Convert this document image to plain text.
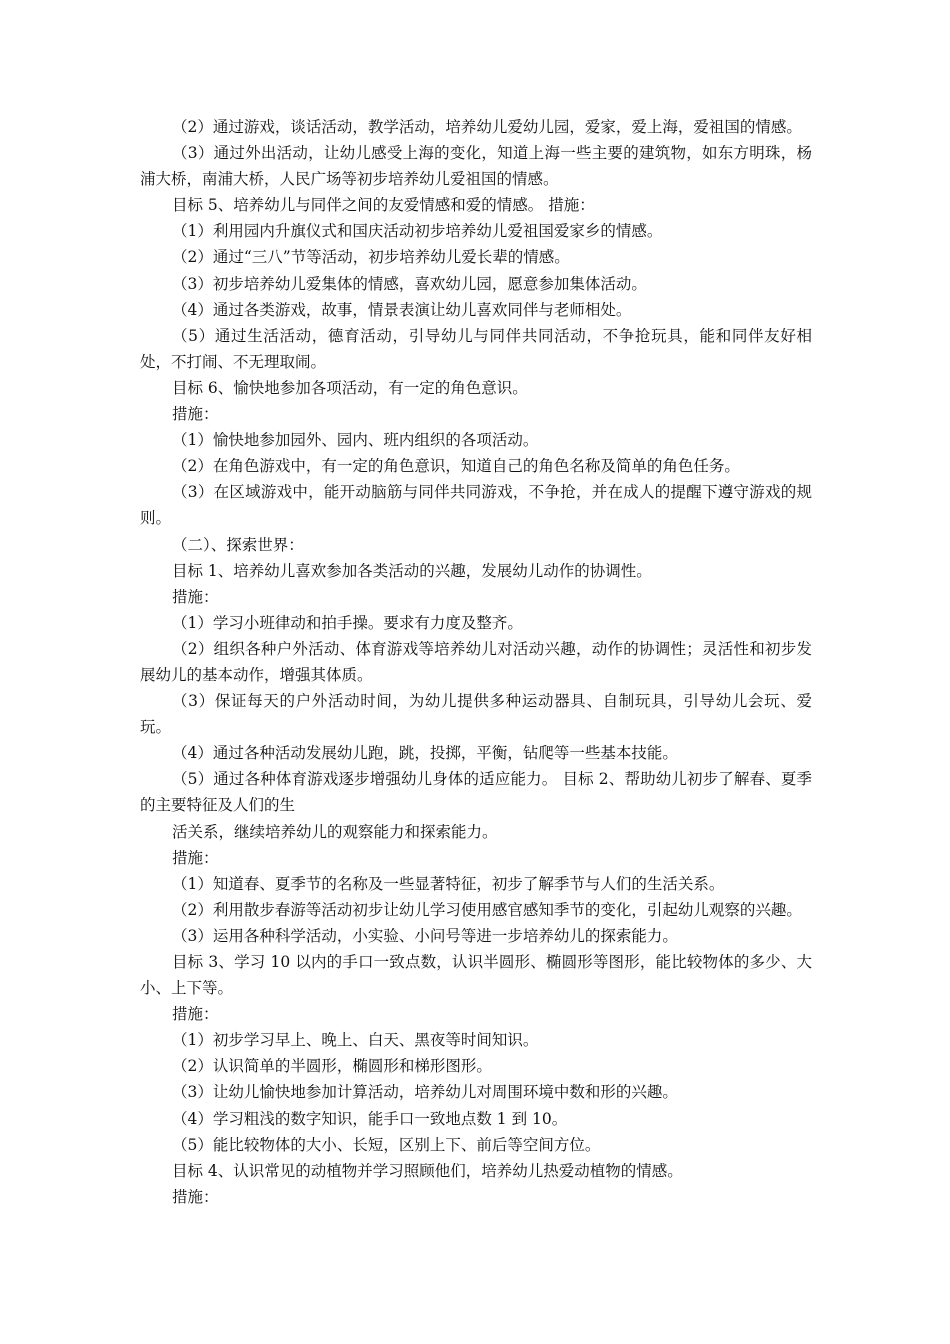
（2）通过游戏，谈话活动，教学活动，培养幼儿爱幼儿园，爱家，爱上海，爱祖国的情感。

（3）通过外出活动，让幼儿感受上海的变化，知道上海一些主要的建筑物，如东方明珠，杨浦大桥，南浦大桥，人民广场等初步培养幼儿爱祖国的情感。

目标 5、培养幼儿与同伴之间的友爱情感和爱的情感。 措施：

（1）利用园内升旗仪式和国庆活动初步培养幼儿爱祖国爱家乡的情感。

（2）通过“三八”节等活动，初步培养幼儿爱长辈的情感。

（3）初步培养幼儿爱集体的情感，喜欢幼儿园，愿意参加集体活动。

（4）通过各类游戏，故事，情景表演让幼儿喜欢同伴与老师相处。

（5）通过生活活动，德育活动，引导幼儿与同伴共同活动，不争抢玩具，能和同伴友好相处，不打闹、不无理取闹。

目标 6、愉快地参加各项活动，有一定的角色意识。

措施：

（1）愉快地参加园外、园内、班内组织的各项活动。

（2）在角色游戏中，有一定的角色意识，知道自己的角色名称及简单的角色任务。

（3）在区域游戏中，能开动脑筋与同伴共同游戏，不争抢，并在成人的提醒下遵守游戏的规则。

（二）、探索世界：

目标 1、培养幼儿喜欢参加各类活动的兴趣，发展幼儿动作的协调性。

措施：

（1）学习小班律动和拍手操。要求有力度及整齐。

（2）组织各种户外活动、体育游戏等培养幼儿对活动兴趣，动作的协调性；灵活性和初步发展幼儿的基本动作，增强其体质。

（3）保证每天的户外活动时间，为幼儿提供多种运动器具、自制玩具，引导幼儿会玩、爱玩。

（4）通过各种活动发展幼儿跑，跳，投掷，平衡，钻爬等一些基本技能。

（5）通过各种体育游戏逐步增强幼儿身体的适应能力。 目标 2、帮助幼儿初步了解春、夏季的主要特征及人们的生

活关系，继续培养幼儿的观察能力和探索能力。

措施：

（1）知道春、夏季节的名称及一些显著特征，初步了解季节与人们的生活关系。

（2）利用散步春游等活动初步让幼儿学习使用感官感知季节的变化，引起幼儿观察的兴趣。

（3）运用各种科学活动，小实验、小问号等进一步培养幼儿的探索能力。

目标 3、学习 10 以内的手口一致点数，认识半圆形、椭圆形等图形，能比较物体的多少、大小、上下等。

措施：

（1）初步学习早上、晚上、白天、黑夜等时间知识。

（2）认识简单的半圆形，椭圆形和梯形图形。

（3）让幼儿愉快地参加计算活动，培养幼儿对周围环境中数和形的兴趣。

（4）学习粗浅的数字知识，能手口一致地点数 1 到 10。

（5）能比较物体的大小、长短，区别上下、前后等空间方位。

目标 4、认识常见的动植物并学习照顾他们，培养幼儿热爱动植物的情感。

措施：
